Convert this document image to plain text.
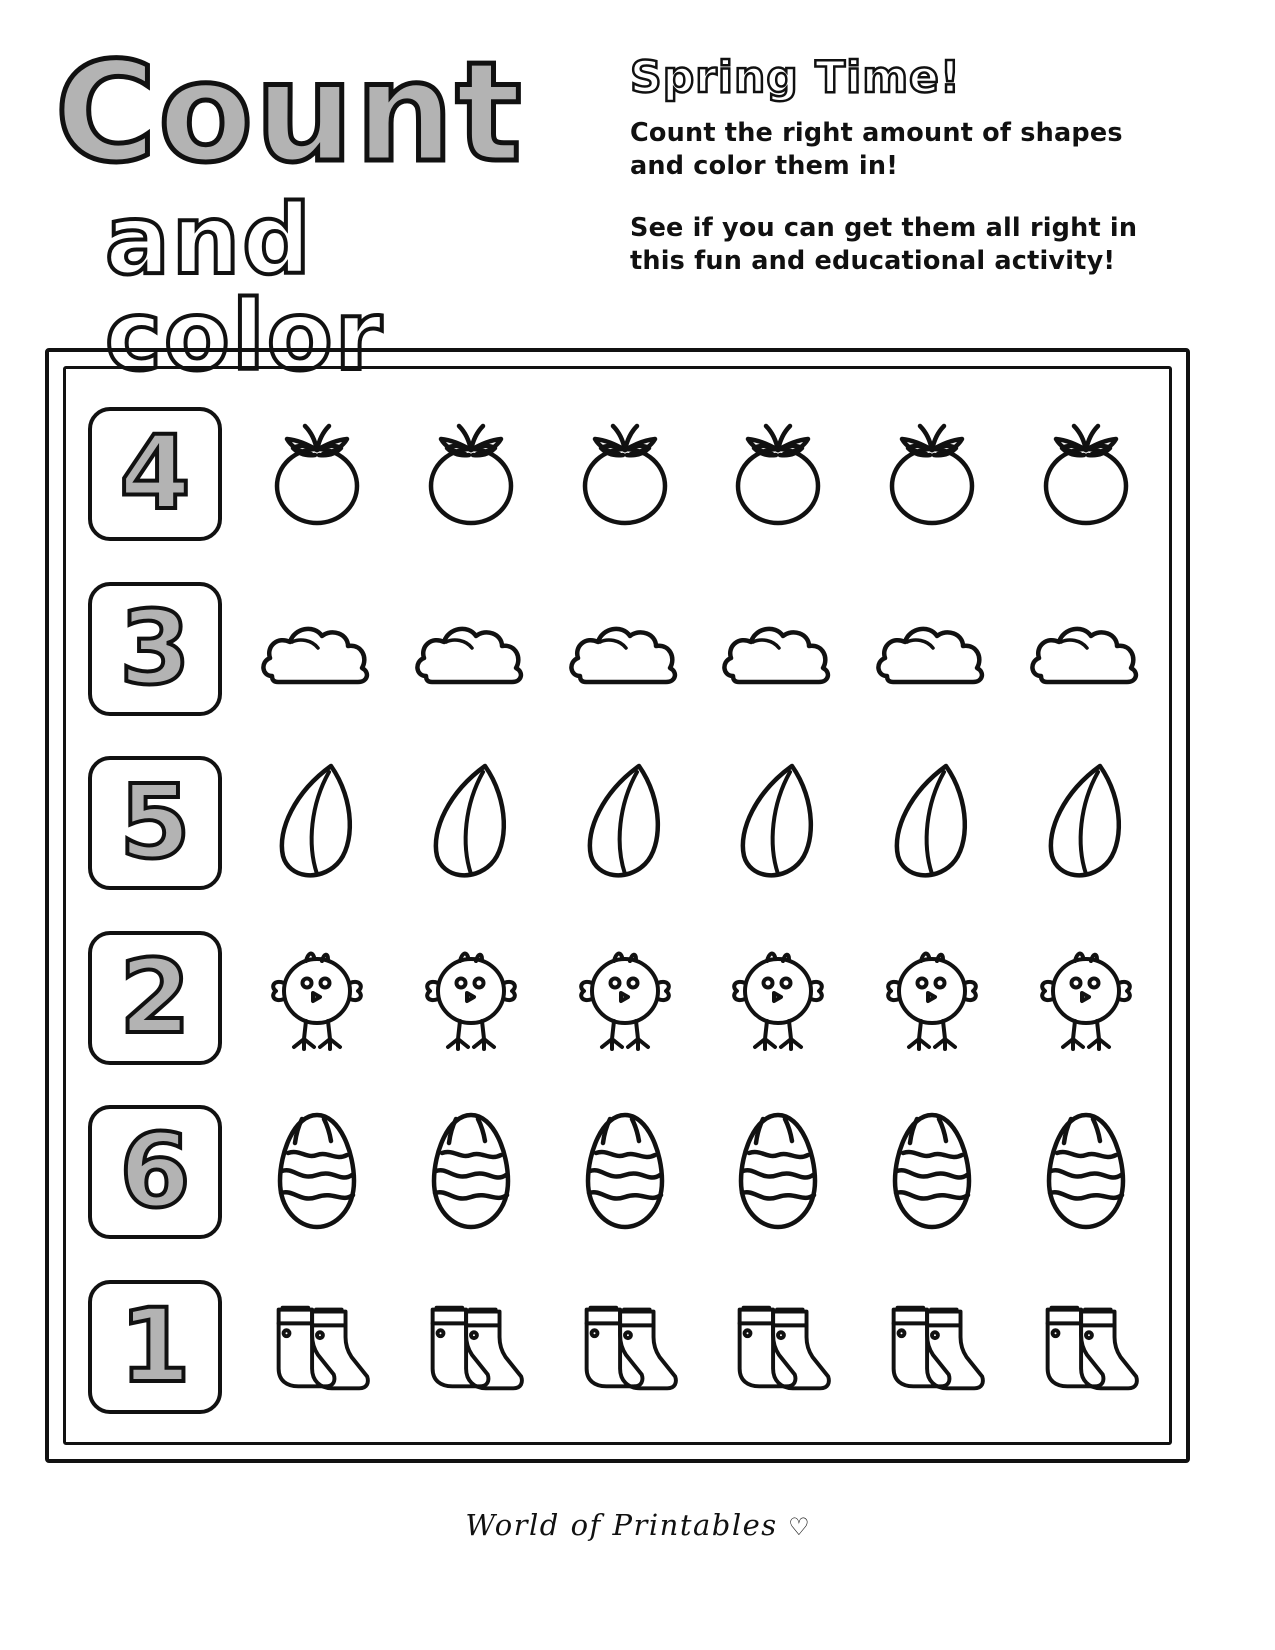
Count
and color
Spring Time!

Count the right amount of shapes and color them in!

See if you can get them all right in this fun and educational activity!

4
3
5
2
6
1
World of Printables ♡
